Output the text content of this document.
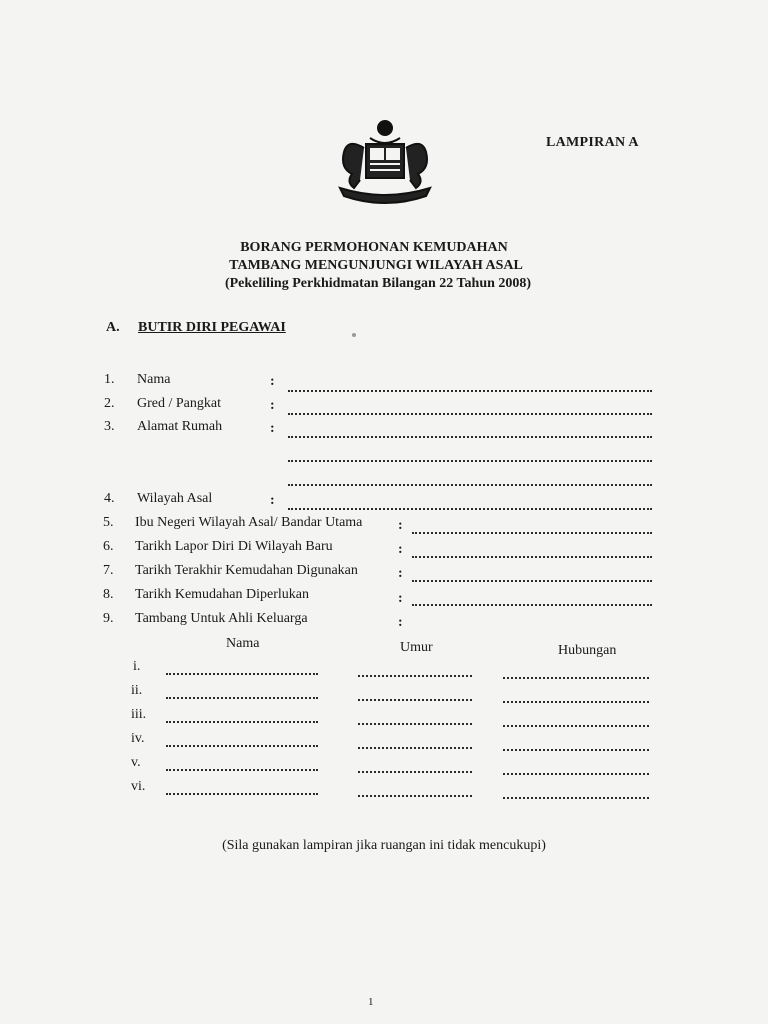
LAMPIRAN A
BORANG PERMOHONAN KEMUDAHAN
TAMBANG MENGUNJUNGI WILAYAH ASAL
(Pekeliling Perkhidmatan Bilangan 22 Tahun 2008)
A. BUTIR DIRI PEGAWAI
1. Nama	:
2. Gred / Pangkat	:
3. Alamat Rumah	:
4. Wilayah Asal	:
5. Ibu Negeri Wilayah Asal/ Bandar Utama	:
6. Tarikh Lapor Diri Di Wilayah Baru	:
7. Tarikh Terakhir Kemudahan Digunakan	:
8. Tarikh Kemudahan Diperlukan	:
9. Tambang Untuk Ahli Keluarga	:
Nama	Umur	Hubungan
i.
ii.
iii.
iv.
v.
vi.
(Sila gunakan lampiran jika ruangan ini tidak mencukupi)
1
